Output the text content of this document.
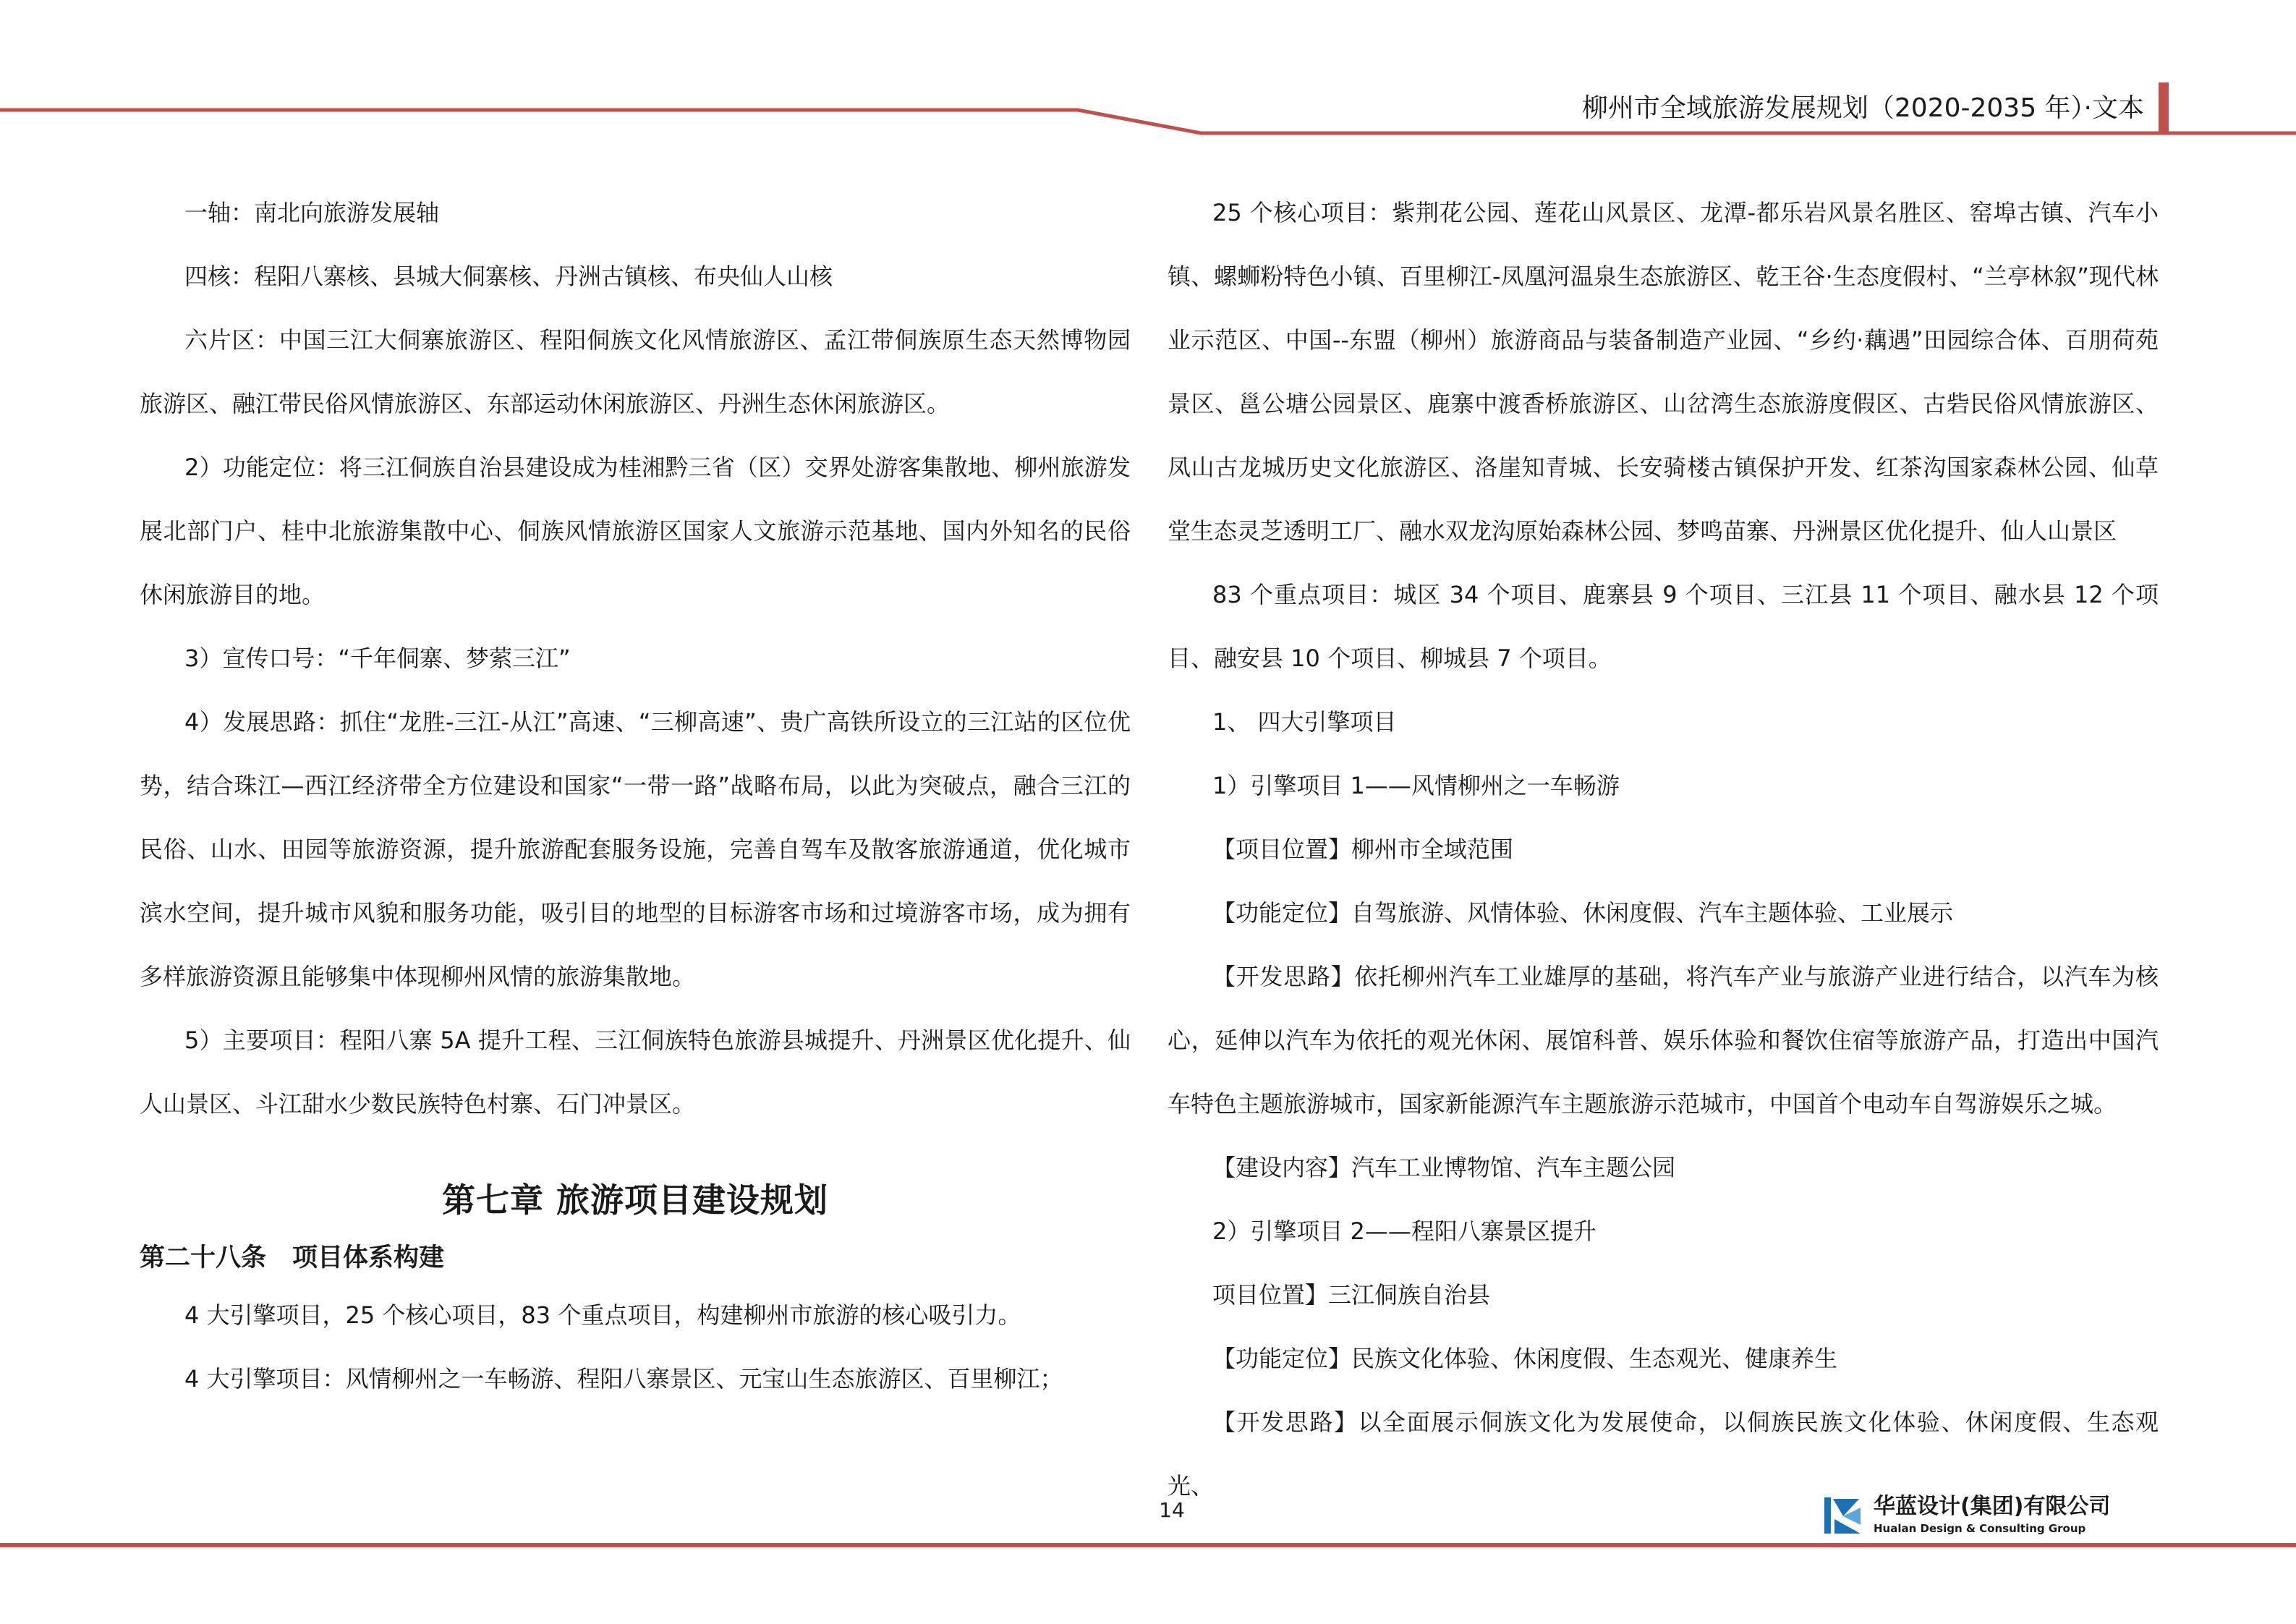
柳州市全域旅游发展规划（2020-2035 年）·文本

一轴：南北向旅游发展轴

四核：程阳八寨核、县城大侗寨核、丹洲古镇核、布央仙人山核

六片区：中国三江大侗寨旅游区、程阳侗族文化风情旅游区、孟江带侗族原生态天然博物园旅游区、融江带民俗风情旅游区、东部运动休闲旅游区、丹洲生态休闲旅游区。

2）功能定位：将三江侗族自治县建设成为桂湘黔三省（区）交界处游客集散地、柳州旅游发展北部门户、桂中北旅游集散中心、侗族风情旅游区国家人文旅游示范基地、国内外知名的民俗休闲旅游目的地。

3）宣传口号：“千年侗寨、梦萦三江”

4）发展思路：抓住“龙胜-三江-从江”高速、“三柳高速”、贵广高铁所设立的三江站的区位优势，结合珠江—西江经济带全方位建设和国家“一带一路”战略布局，以此为突破点，融合三江的民俗、山水、田园等旅游资源，提升旅游配套服务设施，完善自驾车及散客旅游通道，优化城市滨水空间，提升城市风貌和服务功能，吸引目的地型的目标游客市场和过境游客市场，成为拥有多样旅游资源且能够集中体现柳州风情的旅游集散地。

5）主要项目：程阳八寨 5A 提升工程、三江侗族特色旅游县城提升、丹洲景区优化提升、仙人山景区、斗江甜水少数民族特色村寨、石门冲景区。

第七章 旅游项目建设规划
第二十八条 项目体系构建

4 大引擎项目，25 个核心项目，83 个重点项目，构建柳州市旅游的核心吸引力。

4 大引擎项目：风情柳州之一车畅游、程阳八寨景区、元宝山生态旅游区、百里柳江；

25 个核心项目：紫荆花公园、莲花山风景区、龙潭-都乐岩风景名胜区、窑埠古镇、汽车小镇、螺蛳粉特色小镇、百里柳江-凤凰河温泉生态旅游区、乾王谷·生态度假村、“兰亭林叙”现代林业示范区、中国--东盟（柳州）旅游商品与装备制造产业园、“乡约·藕遇”田园综合体、百朋荷苑景区、邕公塘公园景区、鹿寨中渡香桥旅游区、山岔湾生态旅游度假区、古砦民俗风情旅游区、凤山古龙城历史文化旅游区、洛崖知青城、长安骑楼古镇保护开发、红茶沟国家森林公园、仙草堂生态灵芝透明工厂、融水双龙沟原始森林公园、梦鸣苗寨、丹洲景区优化提升、仙人山景区

83 个重点项目：城区 34 个项目、鹿寨县 9 个项目、三江县 11 个项目、融水县 12 个项目、融安县 10 个项目、柳城县 7 个项目。

1、 四大引擎项目

1）引擎项目 1——风情柳州之一车畅游

【项目位置】柳州市全域范围

【功能定位】自驾旅游、风情体验、休闲度假、汽车主题体验、工业展示

【开发思路】依托柳州汽车工业雄厚的基础，将汽车产业与旅游产业进行结合，以汽车为核心，延伸以汽车为依托的观光休闲、展馆科普、娱乐体验和餐饮住宿等旅游产品，打造出中国汽车特色主题旅游城市，国家新能源汽车主题旅游示范城市，中国首个电动车自驾游娱乐之城。

【建设内容】汽车工业博物馆、汽车主题公园

2）引擎项目 2——程阳八寨景区提升

项目位置】三江侗族自治县

【功能定位】民族文化体验、休闲度假、生态观光、健康养生

【开发思路】以全面展示侗族文化为发展使命，以侗族民族文化体验、休闲度假、生态观光、

14	华蓝设计(集团)有限公司
Hualan Design & Consulting Group
